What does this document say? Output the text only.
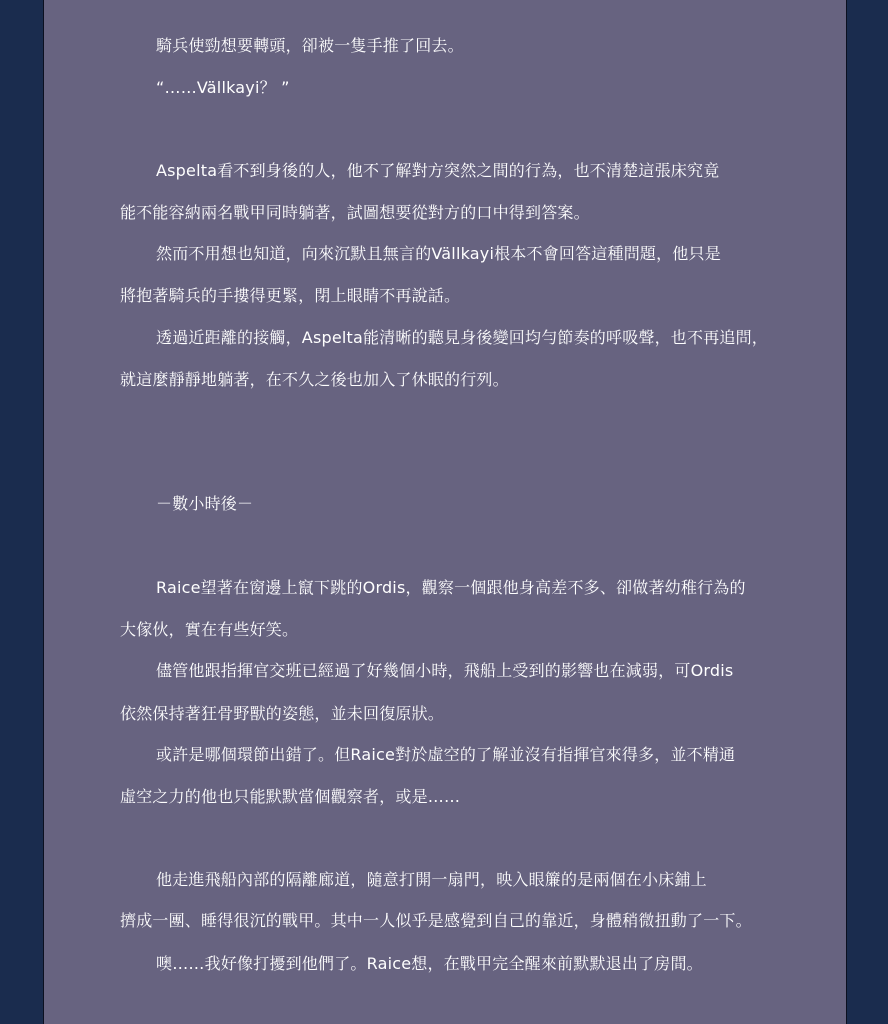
騎兵使勁想要轉頭，卻被一隻手推了回去。
“……Vällkayi？ ”
Aspelta看不到身後的人，他不了解對方突然之間的行為，也不清楚這張床究竟
能不能容納兩名戰甲同時躺著，試圖想要從對方的口中得到答案。
然而不用想也知道，向來沉默且無言的Vällkayi根本不會回答這種問題，他只是
將抱著騎兵的手摟得更緊，閉上眼睛不再說話。
透過近距離的接觸，Aspelta能清晰的聽見身後變回均勻節奏的呼吸聲，也不再追問，
就這麼靜靜地躺著，在不久之後也加入了休眠的行列。
－數小時後－
Raice望著在窗邊上竄下跳的Ordis，觀察一個跟他身高差不多、卻做著幼稚行為的
大傢伙，實在有些好笑。
儘管他跟指揮官交班已經過了好幾個小時，飛船上受到的影響也在減弱，可Ordis
依然保持著狂骨野獸的姿態，並未回復原狀。
或許是哪個環節出錯了。但Raice對於虛空的了解並沒有指揮官來得多，並不精通
虛空之力的他也只能默默當個觀察者，或是……
他走進飛船內部的隔離廊道，隨意打開一扇門，映入眼簾的是兩個在小床鋪上
擠成一團、睡得很沉的戰甲。其中一人似乎是感覺到自己的靠近，身體稍微扭動了一下。
噢……我好像打擾到他們了。Raice想，在戰甲完全醒來前默默退出了房間。
